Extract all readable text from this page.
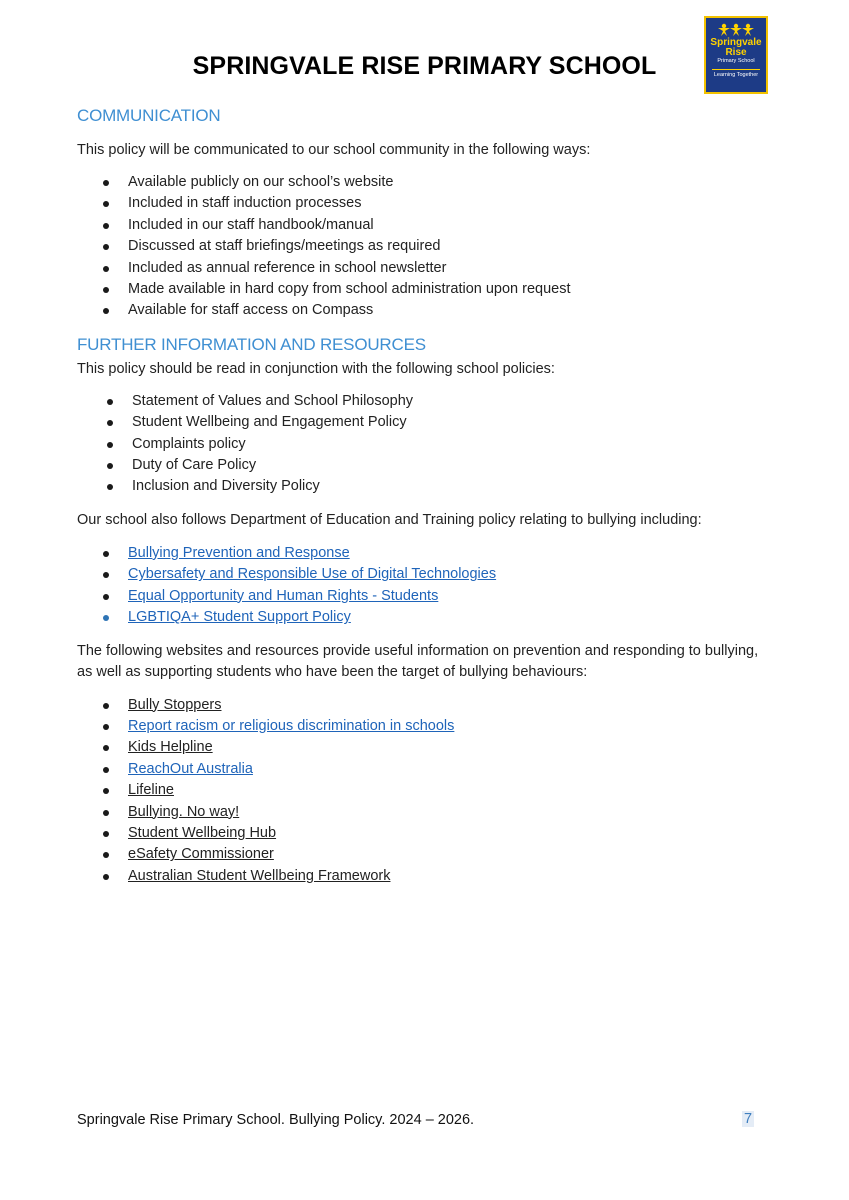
SPRINGVALE RISE PRIMARY SCHOOL
Springvale
Rise
Primary School
Learning Together
COMMUNICATION

This policy will be communicated to our school community in the following ways:

Available publicly on our school’s website
Included in staff induction processes
Included in our staff handbook/manual
Discussed at staff briefings/meetings as required
Included as annual reference in school newsletter
Made available in hard copy from school administration upon request
Available for staff access on Compass
FURTHER INFORMATION AND RESOURCES

This policy should be read in conjunction with the following school policies:

Statement of Values and School Philosophy
Student Wellbeing and Engagement Policy
Complaints policy
Duty of Care Policy
Inclusion and Diversity Policy

Our school also follows Department of Education and Training policy relating to bullying including:

Bullying Prevention and Response
Cybersafety and Responsible Use of Digital Technologies
Equal Opportunity and Human Rights - Students
LGBTIQA+ Student Support Policy

The following websites and resources provide useful information on prevention and responding to bullying, as well as supporting students who have been the target of bullying behaviours:

Bully Stoppers
Report racism or religious discrimination in schools
Kids Helpline
ReachOut Australia
Lifeline
Bullying. No way!
Student Wellbeing Hub
eSafety Commissioner
Australian Student Wellbeing Framework
Springvale Rise Primary School. Bullying Policy. 2024 – 2026.	7
